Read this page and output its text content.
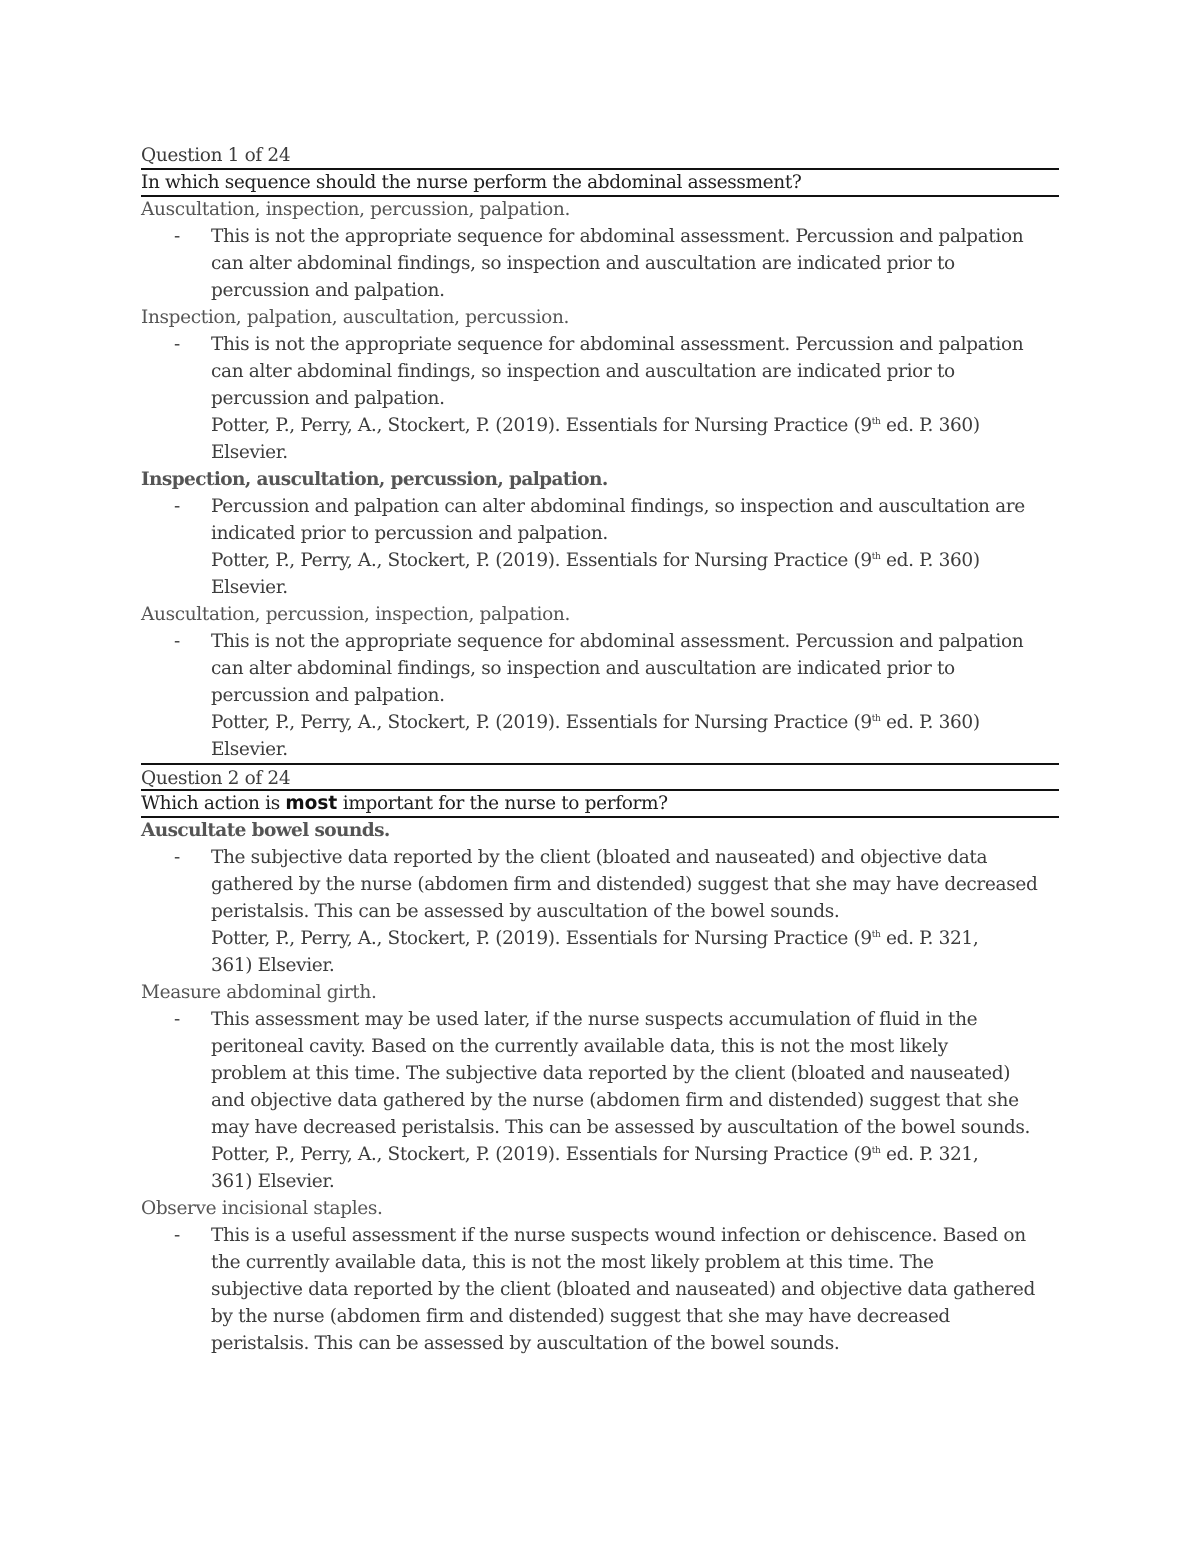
Question 1 of 24
In which sequence should the nurse perform the abdominal assessment?
Auscultation, inspection, percussion, palpation.
- This is not the appropriate sequence for abdominal assessment. Percussion and palpation
can alter abdominal findings, so inspection and auscultation are indicated prior to
percussion and palpation.
Inspection, palpation, auscultation, percussion.
- This is not the appropriate sequence for abdominal assessment. Percussion and palpation
can alter abdominal findings, so inspection and auscultation are indicated prior to
percussion and palpation.
Potter, P., Perry, A., Stockert, P. (2019). Essentials for Nursing Practice (9th ed. P. 360)
Elsevier.
Inspection, auscultation, percussion, palpation.
- Percussion and palpation can alter abdominal findings, so inspection and auscultation are
indicated prior to percussion and palpation.
Potter, P., Perry, A., Stockert, P. (2019). Essentials for Nursing Practice (9th ed. P. 360)
Elsevier.
Auscultation, percussion, inspection, palpation.
- This is not the appropriate sequence for abdominal assessment. Percussion and palpation
can alter abdominal findings, so inspection and auscultation are indicated prior to
percussion and palpation.
Potter, P., Perry, A., Stockert, P. (2019). Essentials for Nursing Practice (9th ed. P. 360)
Elsevier.
Question 2 of 24
Which action is most important for the nurse to perform?
Auscultate bowel sounds.
- The subjective data reported by the client (bloated and nauseated) and objective data
gathered by the nurse (abdomen firm and distended) suggest that she may have decreased
peristalsis. This can be assessed by auscultation of the bowel sounds.
Potter, P., Perry, A., Stockert, P. (2019). Essentials for Nursing Practice (9th ed. P. 321,
361) Elsevier.
Measure abdominal girth.
- This assessment may be used later, if the nurse suspects accumulation of fluid in the
peritoneal cavity. Based on the currently available data, this is not the most likely
problem at this time. The subjective data reported by the client (bloated and nauseated)
and objective data gathered by the nurse (abdomen firm and distended) suggest that she
may have decreased peristalsis. This can be assessed by auscultation of the bowel sounds.
Potter, P., Perry, A., Stockert, P. (2019). Essentials for Nursing Practice (9th ed. P. 321,
361) Elsevier.
Observe incisional staples.
- This is a useful assessment if the nurse suspects wound infection or dehiscence. Based on
the currently available data, this is not the most likely problem at this time. The
subjective data reported by the client (bloated and nauseated) and objective data gathered
by the nurse (abdomen firm and distended) suggest that she may have decreased
peristalsis. This can be assessed by auscultation of the bowel sounds.
